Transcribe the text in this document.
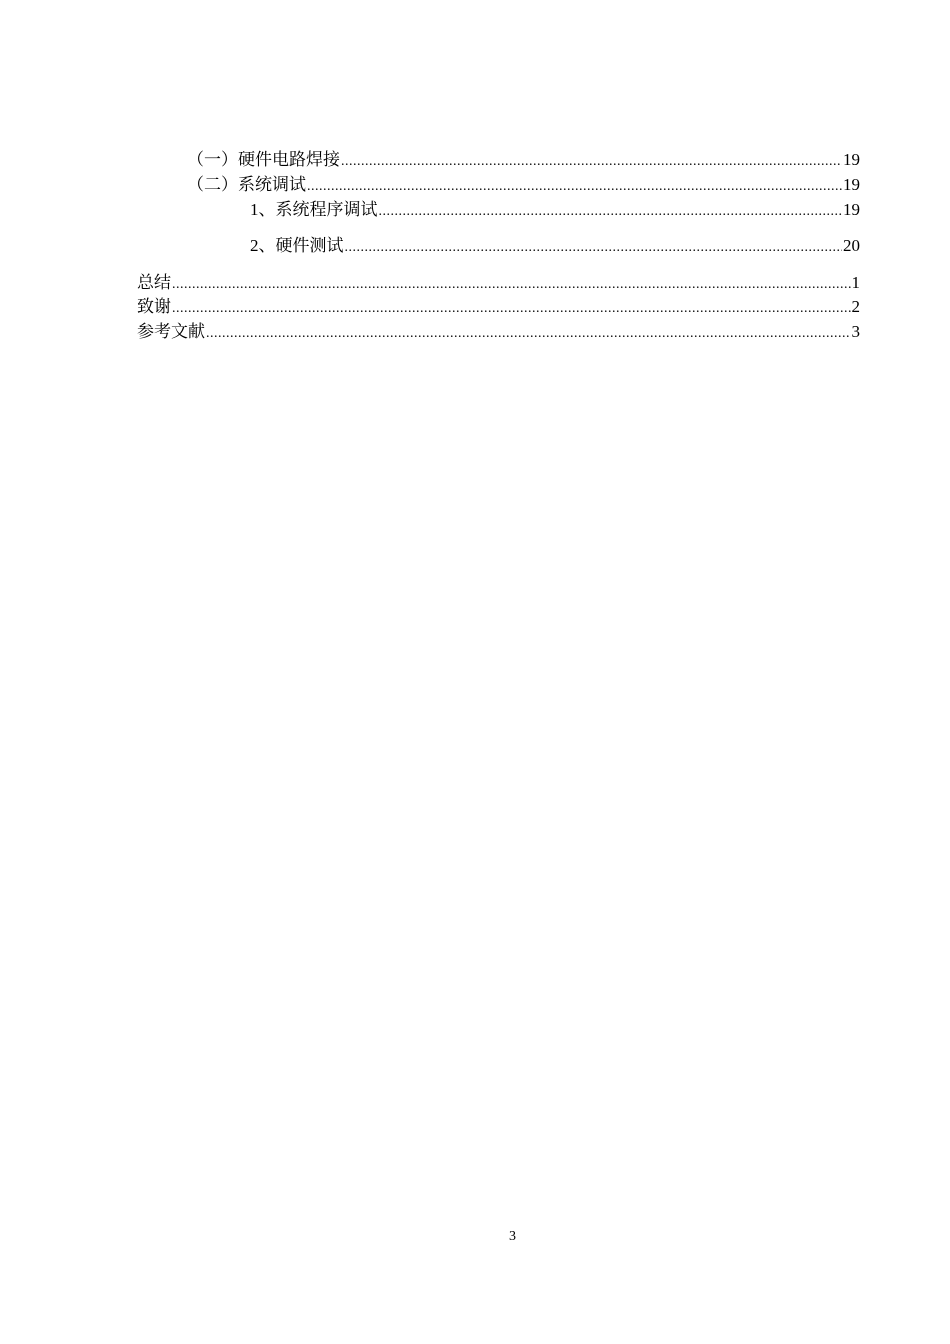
（一）硬件电路焊接 .....	19
（二）系统调试 .....	19
1、系统程序调试 .....	19
2、硬件测试 .....	20
总结 .....	1
致谢 .....	2
参考文献 .....	3
3
